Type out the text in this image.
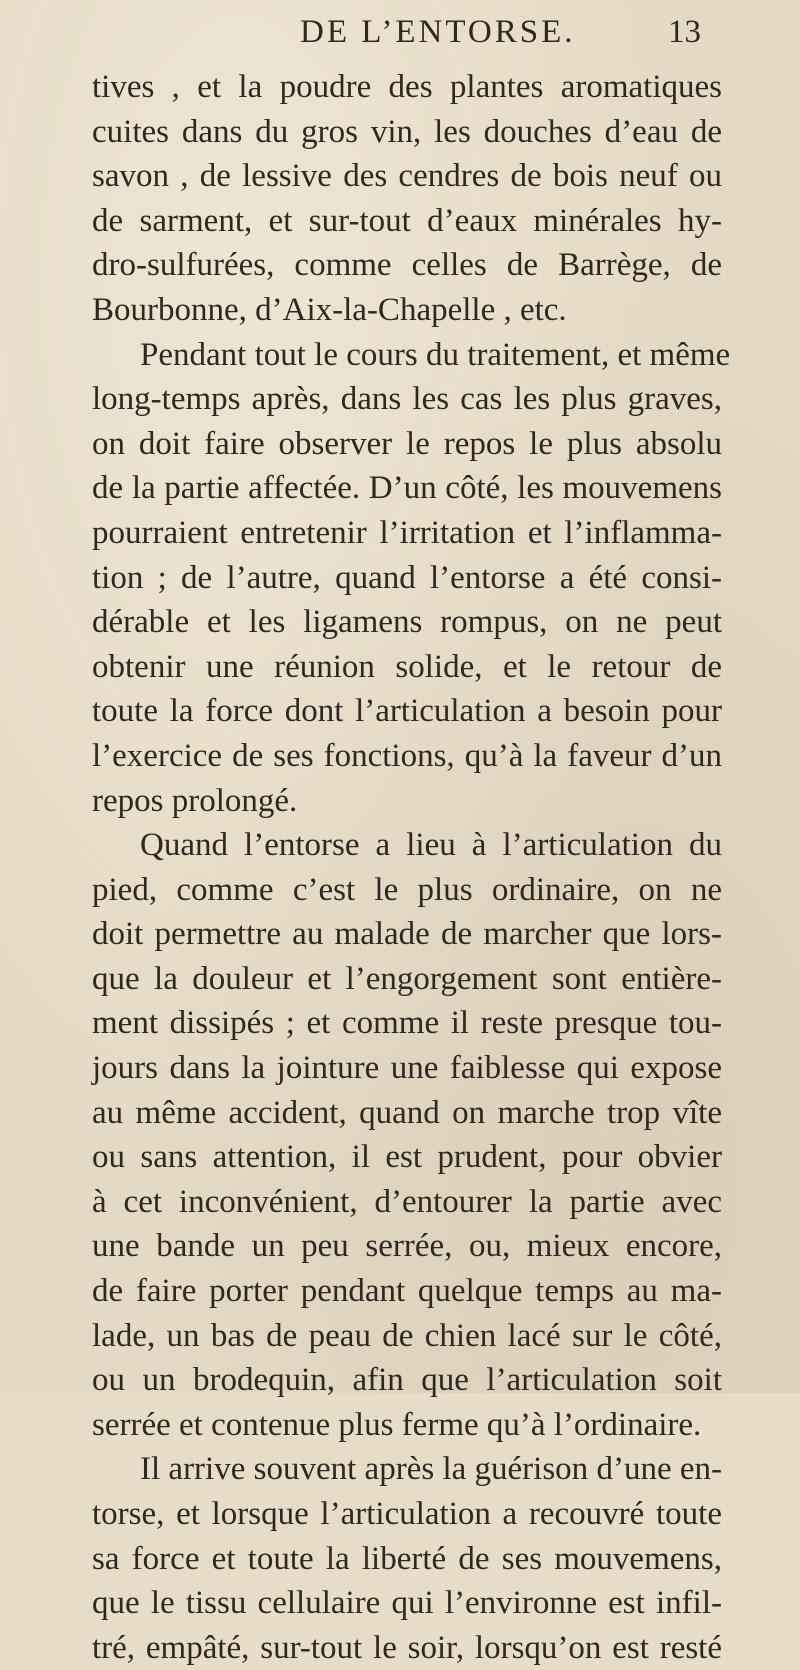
DE L’ENTORSE.	13
tives , et la poudre des plantes aromatiques
cuites dans du gros vin, les douches d’eau de
savon , de lessive des cendres de bois neuf ou
de sarment, et sur-tout d’eaux minérales hy-
dro-sulfurées, comme celles de Barrège, de
Bourbonne, d’Aix-la-Chapelle , etc.
Pendant tout le cours du traitement, et même
long-temps après, dans les cas les plus graves,
on doit faire observer le repos le plus absolu
de la partie affectée. D’un côté, les mouvemens
pourraient entretenir l’irritation et l’inflamma-
tion ; de l’autre, quand l’entorse a été consi-
dérable et les ligamens rompus, on ne peut
obtenir une réunion solide, et le retour de
toute la force dont l’articulation a besoin pour
l’exercice de ses fonctions, qu’à la faveur d’un
repos prolongé.
Quand l’entorse a lieu à l’articulation du
pied, comme c’est le plus ordinaire, on ne
doit permettre au malade de marcher que lors-
que la douleur et l’engorgement sont entière-
ment dissipés ; et comme il reste presque tou-
jours dans la jointure une faiblesse qui expose
au même accident, quand on marche trop vîte
ou sans attention, il est prudent, pour obvier
à cet inconvénient, d’entourer la partie avec
une bande un peu serrée, ou, mieux encore,
de faire porter pendant quelque temps au ma-
lade, un bas de peau de chien lacé sur le côté,
ou un brodequin, afin que l’articulation soit
serrée et contenue plus ferme qu’à l’ordinaire.
Il arrive souvent après la guérison d’une en-
torse, et lorsque l’articulation a recouvré toute
sa force et toute la liberté de ses mouvemens,
que le tissu cellulaire qui l’environne est infil-
tré, empâté, sur-tout le soir, lorsqu’on est resté
